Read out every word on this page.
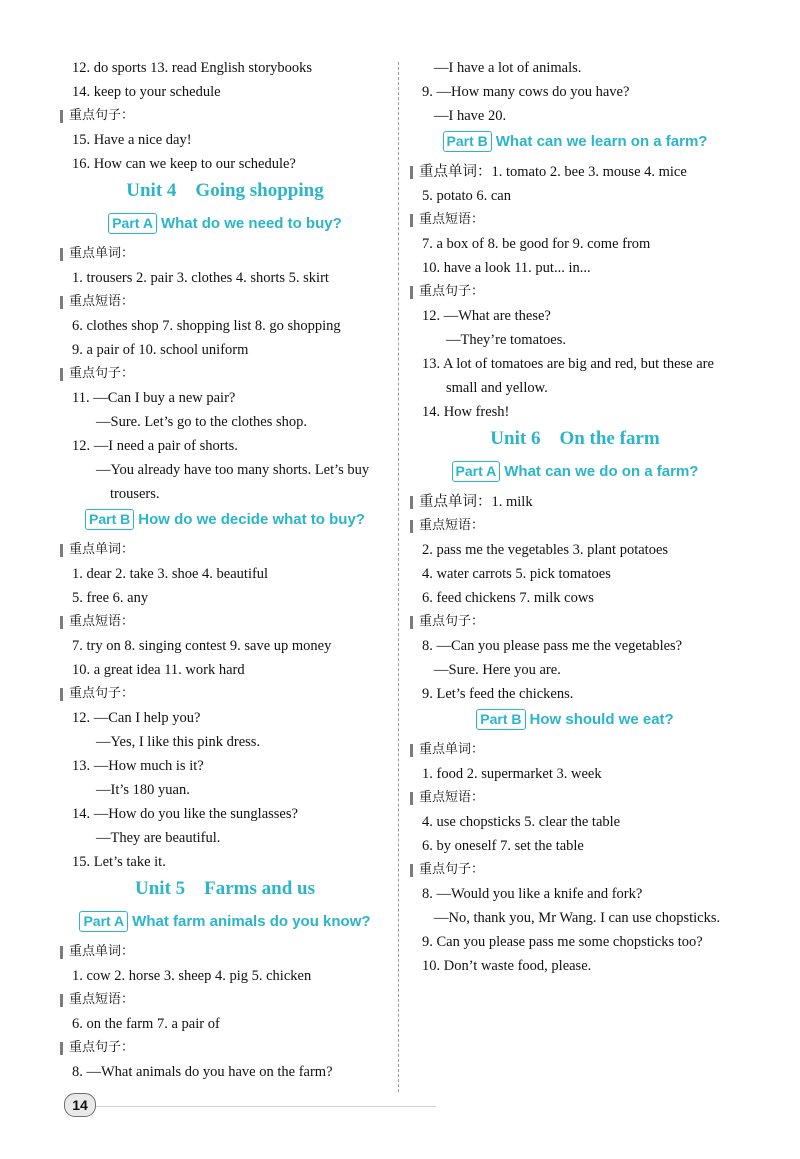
12. do sports 13. read English storybooks

14. keep to your schedule

重点句子：

15. Have a nice day!

16. How can we keep to our schedule?

Unit 4    Going shopping
Part A What do we need to buy?
重点单词：

1. trousers 2. pair 3. clothes 4. shorts 5. skirt

重点短语：

6. clothes shop 7. shopping list 8. go shopping

9. a pair of 10. school uniform

重点句子：

11. —Can I buy a new pair?

—Sure. Let’s go to the clothes shop.

12. —I need a pair of shorts.

—You already have too many shorts. Let’s buy

trousers.

Part B How do we decide what to buy?
重点单词：

1. dear 2. take 3. shoe 4. beautiful

5. free 6. any

重点短语：

7. try on 8. singing contest 9. save up money

10. a great idea 11. work hard

重点句子：

12. —Can I help you?

—Yes, I like this pink dress.

13. —How much is it?

—It’s 180 yuan.

14. —How do you like the sunglasses?

—They are beautiful.

15. Let’s take it.

Unit 5    Farms and us
Part A What farm animals do you know?
重点单词：

1. cow 2. horse 3. sheep 4. pig 5. chicken

重点短语：

6. on the farm 7. a pair of

重点句子：

8. —What animals do you have on the farm?

—I have a lot of animals.

9. —How many cows do you have?

—I have 20.

Part B What can we learn on a farm?
重点单词：1. tomato 2. bee 3. mouse 4. mice

5. potato 6. can

重点短语：

7. a box of 8. be good for 9. come from

10. have a look 11. put... in...

重点句子：

12. —What are these?

—They’re tomatoes.

13. A lot of tomatoes are big and red, but these are

small and yellow.

14. How fresh!

Unit 6    On the farm
Part A What can we do on a farm?
重点单词：1. milk
重点短语：

2. pass me the vegetables 3. plant potatoes

4. water carrots 5. pick tomatoes

6. feed chickens 7. milk cows

重点句子：

8. —Can you please pass me the vegetables?

—Sure. Here you are.

9. Let’s feed the chickens.

Part B How should we eat?
重点单词：

1. food 2. supermarket 3. week

重点短语：

4. use chopsticks 5. clear the table

6. by oneself 7. set the table

重点句子：

8. —Would you like a knife and fork?

—No, thank you, Mr Wang. I can use chopsticks.

9. Can you please pass me some chopsticks too?

10. Don’t waste food, please.

14
